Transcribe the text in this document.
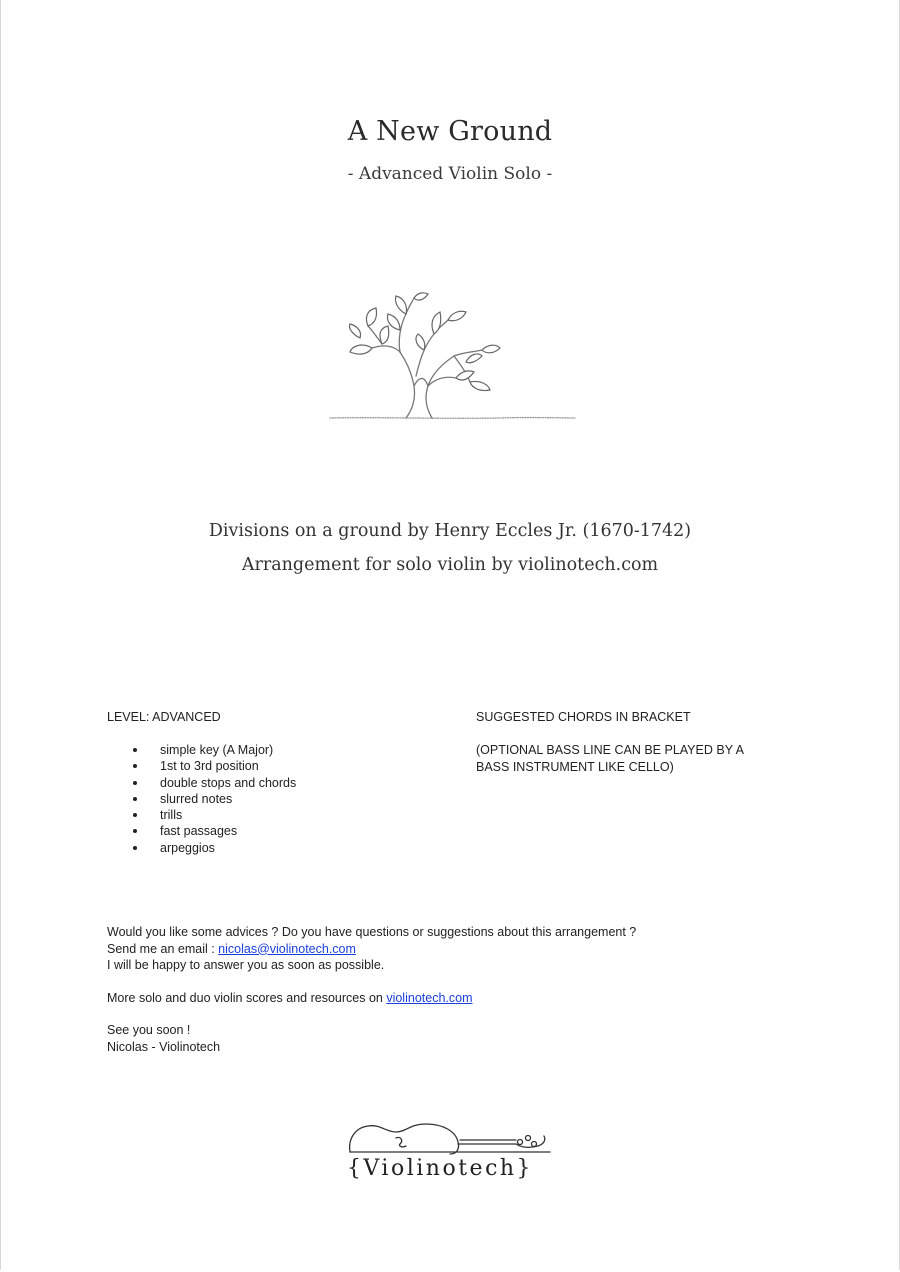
A New Ground
- Advanced Violin Solo -
Divisions on a ground by Henry Eccles Jr. (1670-1742)
Arrangement for solo violin by violinotech.com
LEVEL: ADVANCED
simple key (A Major)
1st to 3rd position
double stops and chords
slurred notes
trills
fast passages
arpeggios
SUGGESTED CHORDS IN BRACKET
(OPTIONAL BASS LINE CAN BE PLAYED BY A
BASS INSTRUMENT LIKE CELLO)
Would you like some advices ? Do you have questions or suggestions about this arrangement ?
Send me an email : nicolas@violinotech.com
I will be happy to answer you as soon as possible.
More solo and duo violin scores and resources on violinotech.com
See you soon !
Nicolas - Violinotech
{Violinotech}
